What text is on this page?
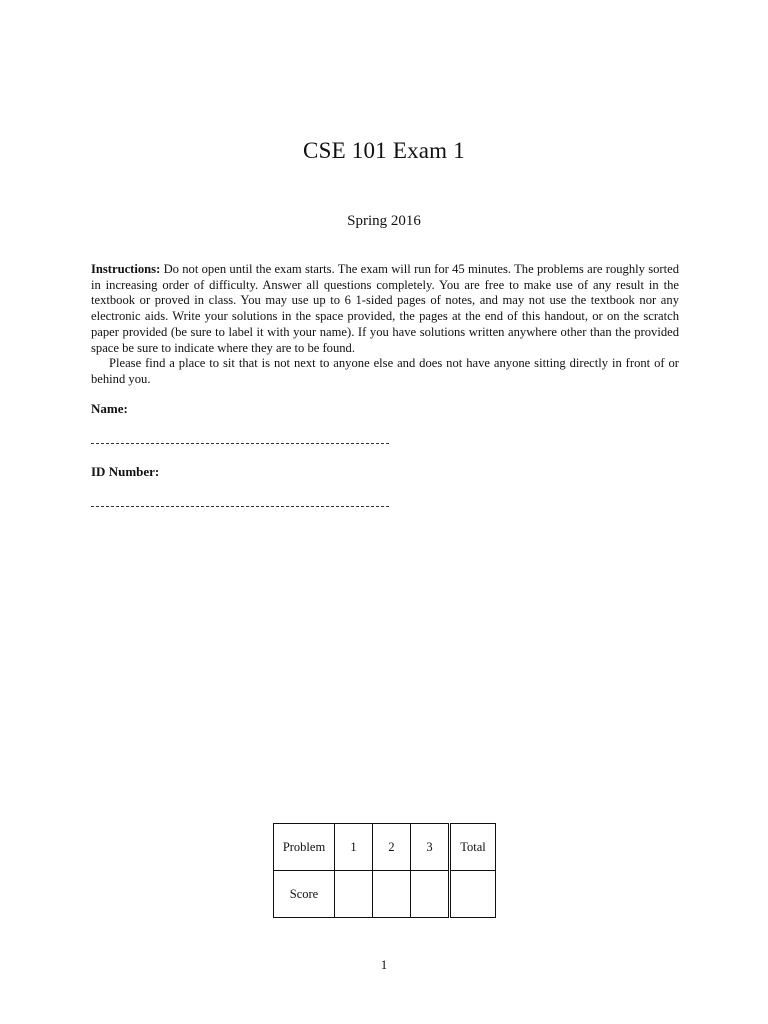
CSE 101 Exam 1
Spring 2016

Instructions: Do not open until the exam starts. The exam will run for 45 minutes. The problems are roughly sorted in increasing order of difficulty. Answer all questions completely. You are free to make use of any result in the textbook or proved in class. You may use up to 6 1-sided pages of notes, and may not use the textbook nor any electronic aids. Write your solutions in the space provided, the pages at the end of this handout, or on the scratch paper provided (be sure to label it with your name). If you have solutions written anywhere other than the provided space be sure to indicate where they are to be found.

Please find a place to sit that is not next to anyone else and does not have anyone sitting directly in front of or behind you.

Name:
ID Number:
Problem	1	2	3	Total
Score				
1
